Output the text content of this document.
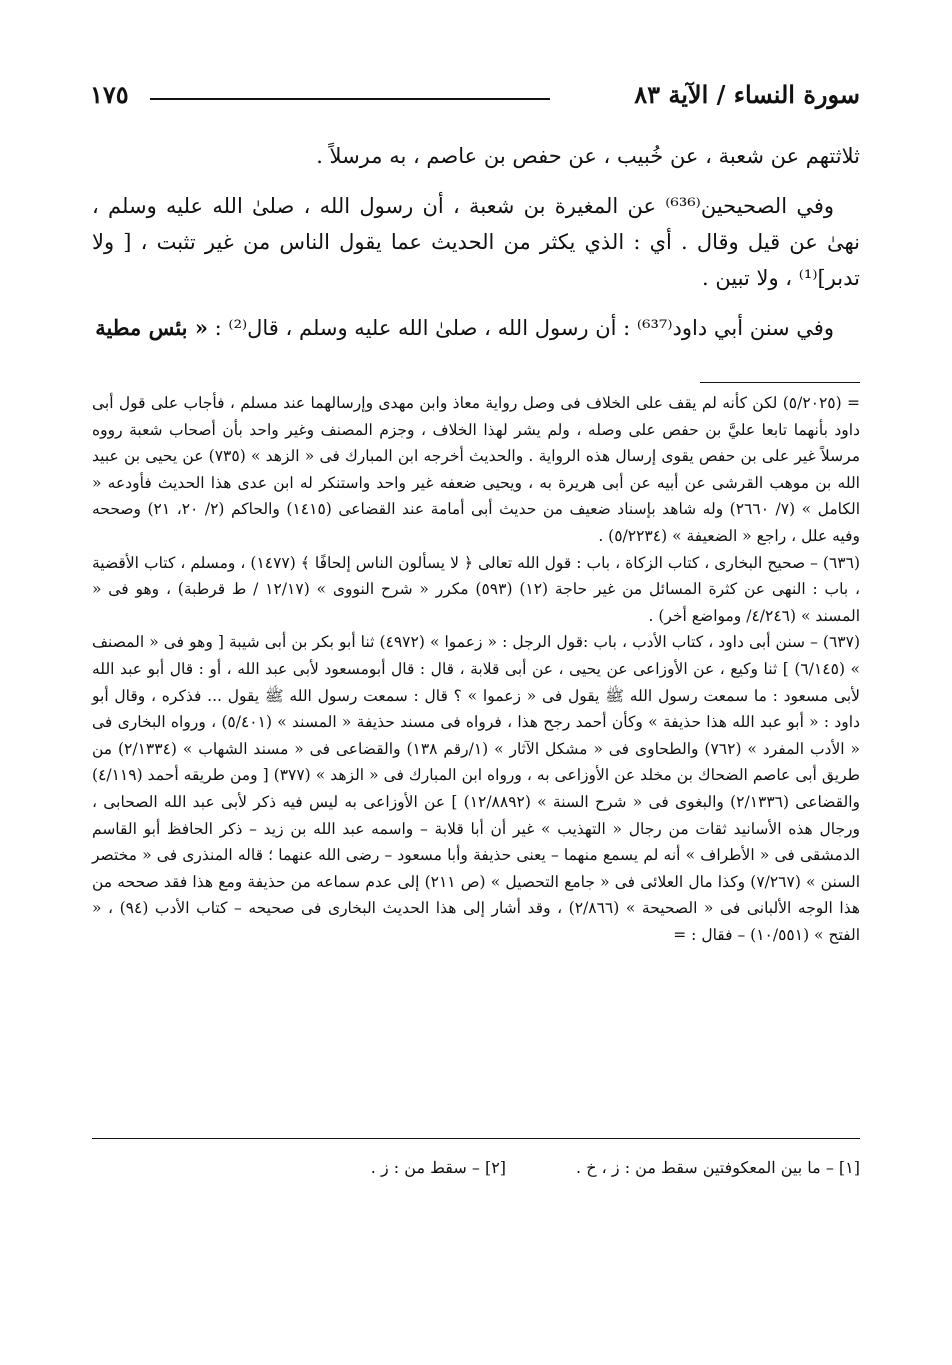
سورة النساء / الآية ٨٣
١٧٥

ثلاثتهم عن شعبة ، عن خُبيب ، عن حفص بن عاصم ، به مرسلاً .

وفي الصحيحين⁽⁶³⁶⁾ عن المغيرة بن شعبة ، أن رسول الله ، صلىٰ الله عليه وسلم ، نهىٰ عن قيل وقال . أي : الذي يكثر من الحديث عما يقول الناس من غير تثبت ، [ ولا تدبر]⁽¹⁾ ، ولا تبين .

وفي سنن أبي داود⁽⁶³⁷⁾ : أن رسول الله ، صلىٰ الله عليه وسلم ، قال⁽²⁾ : « بئس مطية

= (٥/٢٠٢٥) لكن كأنه لم يقف على الخلاف فى وصل رواية معاذ وابن مهدى وإرسالهما عند مسلم ، فأجاب على قول أبى داود بأنهما تابعا عليَّ بن حفص على وصله ، ولم يشر لهذا الخلاف ، وجزم المصنف وغير واحد بأن أصحاب شعبة رووه مرسلاً غير على بن حفص يقوى إرسال هذه الرواية . والحديث أخرجه ابن المبارك فى « الزهد » (٧٣٥) عن يحيى بن عبيد الله بن موهب القرشى عن أبيه عن أبى هريرة به ، ويحيى ضعفه غير واحد واستنكر له ابن عدى هذا الحديث فأودعه « الكامل » (٧/ ٢٦٦٠) وله شاهد بإسناد ضعيف من حديث أبى أمامة عند القضاعى (١٤١٥) والحاكم (٢/ ٢٠، ٢١) وصححه وفيه علل ، راجع « الضعيفة » (٥/٢٢٣٤) .

(٦٣٦) – صحيح البخارى ، كتاب الزكاة ، باب : قول الله تعالى ﴿ لا يسألون الناس إلحافًا ﴾ (١٤٧٧) ، ومسلم ، كتاب الأقضية ، باب : النهى عن كثرة المسائل من غير حاجة (١٢) (٥٩٣) مكرر « شرح النووى » (١٢/١٧ / ط قرطبة) ، وهو فى « المسند » (٤/٢٤٦/ ومواضع أخر) .

(٦٣٧) – سنن أبى داود ، كتاب الأدب ، باب :قول الرجل : « زعموا » (٤٩٧٢) ثنا أبو بكر بن أبى شيبة [ وهو فى « المصنف » (٦/١٤٥) ] ثنا وكيع ، عن الأوزاعى عن يحيى ، عن أبى قلابة ، قال : قال أبومسعود لأبى عبد الله ، أو : قال أبو عبد الله لأبى مسعود : ما سمعت رسول الله ﷺ يقول فى « زعموا » ؟ قال : سمعت رسول الله ﷺ يقول ... فذكره ، وقال أبو داود : « أبو عبد الله هذا حذيفة » وكأن أحمد رجح هذا ، فرواه فى مسند حذيفة « المسند » (٥/٤٠١) ، ورواه البخارى فى « الأدب المفرد » (٧٦٢) والطحاوى فى « مشكل الآثار » (١/رقم ١٣٨) والقضاعى فى « مسند الشهاب » (٢/١٣٣٤) من طريق أبى عاصم الضحاك بن مخلد عن الأوزاعى به ، ورواه ابن المبارك فى « الزهد » (٣٧٧) [ ومن طريقه أحمد (٤/١١٩) والقضاعى (٢/١٣٣٦) والبغوى فى « شرح السنة » (١٢/٨٨٩٢) ] عن الأوزاعى به ليس فيه ذكر لأبى عبد الله الصحابى ، ورجال هذه الأسانيد ثقات من رجال « التهذيب » غير أن أبا قلابة – واسمه عبد الله بن زيد – ذكر الحافظ أبو القاسم الدمشقى فى « الأطراف » أنه لم يسمع منهما – يعنى حذيفة وأبا مسعود – رضى الله عنهما ؛ قاله المنذرى فى « مختصر السنن » (٧/٢٦٧) وكذا مال العلائى فى « جامع التحصيل » (ص ٢١١) إلى عدم سماعه من حذيفة ومع هذا فقد صححه من هذا الوجه الألبانى فى « الصحيحة » (٢/٨٦٦) ، وقد أشار إلى هذا الحديث البخارى فى صحيحه – كتاب الأدب (٩٤) ، « الفتح » (١٠/٥٥١) – فقال : =

[١] – ما بين المعكوفتين سقط من : ز ، خ .
[٢] – سقط من : ز .
